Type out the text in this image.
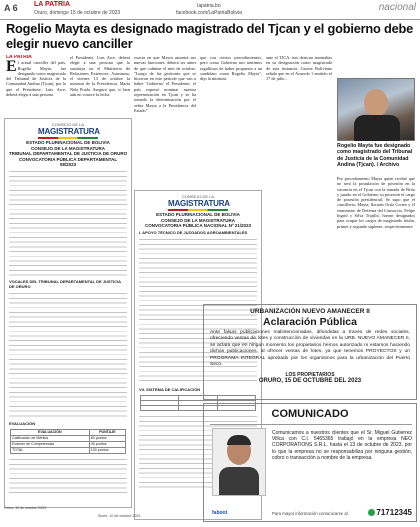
A 6 LA PATRIA
Oruro, domingo 15 de octubre de 2023
lapatria.bo
facebook.com/LaPatriaBolivia	nacional
Rogelio Mayta es designado magistrado del Tjcan y el gobierno debe elegir nuevo canciller
LA PATRIA
E l actual canciller del país, Rogelio Mayta, fue designado como magistrado del Tribunal de Justicia de la Comunidad Andina (Tjcan), por lo que el Presidente, Luis Arce, deberá elegir a una persona
el Presidente, Luis Arce, deberá elegir a una persona que lo sustituya en el Ministerio de Relaciones Exteriores. Asimismo, el viernes 13 de octubre la ministra de la Presidencia, María Nela Prada. Aseguró que, si bien aún no conoce la fecha
exacta en que Mayta asumirá sus nuevas funciones, deberá ser antes de que culmine el mes de octubre. "Luego de las gestiones que se hicieron en este período que van a haber 'Gobierno' el Presidente, el país expresó nominar nuestra representación en Tjcan y se ha tomado la determinación por el señor Mayta a la Presidencia del Estado"
que con ciertos procedimientos, pero como Gobierno nos sentimos orgullosos de haber propuesto a un candidato como Rogelio Mayta", dijo la ministra.
ante el TJCA, tras detectar anomalías en su designación como magistrado de esta instancia. Gaceta Boliviano señala que en el Acuerdo 1 emitido el 17 de julio...
Por procedimiento Mayta quien recibió que no será la postulación de posesión en la vacancia en el Tjcan con la tomada de Brito y jurado en el Gobierno su posesión el cargo de posesión presidencial. Se supo que el cancilleria, Mayta, llorarás Ortiz Cortez y el exministro de Defensa del Consorcio, Felipe Ingrid y Silva Trujillo, fueron designados para ocupar los cargos de magistrado titular, primer y segundo suplente, respectivamente.
Rogelio Mayta fue designado como magistrado del Tribunal de Justicia de la Comunidad Andina (Tjcan). / Archivo
CONSEJO DE LA
MAGISTRATURA
ESTADO PLURINACIONAL DE BOLIVIA
CONSEJO DE LA MAGISTRATURA
TRIBUNAL DEPARTAMENTAL DE JUSTICIA DE ORURO
CONVOCATORIA PÚBLICA DEPARTAMENTAL
08/2023
VOCALES DEL TRIBUNAL DEPARTAMENTAL DE JUSTICIA DE ORURO
EVALUACIÓN
EVALUACIÓN	PUNTAJE
Calificación de Méritos	60 puntos
Examen de Competencias	40 puntos
TOTAL	100 puntos
Oruro, 10 de octubre 2023
CONSEJO DE LA
MAGISTRATURA
ESTADO PLURINACIONAL DE BOLIVIA
CONSEJO DE LA MAGISTRATURA
CONVOCATORIA PÚBLICA NACIONAL Nº 21/2023
I. APOYO TÉCNICO DE JUZGADOS AGROAMBIENTALES
VII. SISTEMA DE CALIFICACIÓN

Sucre, 10 de octubre 2023
URBANIZACIÓN NUEVO AMANECER II
Aclaración Pública
Ante falsas publicaciones malintencionadas, difundidas a través de redes sociales, ofreciendo ventas de lotes y construcción de viviendas en la URB. NUEVO AMANECER II, se aclara que en ningún momento los propietarios hemos autorizado ni estamos haciendo dichas publicaciones, al ofrecer ventas de lotes, ya que tenemos PROYECTOS y un PROGRAMA INTEGRAL aprobado por los organismos para la urbanización del Puerto Seco.
LOS PROPIETARIOS
ORURO, 15 DE OCTUBRE DEL 2023
COMUNICADO
Comunicamos a nuestros clientes que el Sr. Miguel Gutierrez Villca con C.I. 5465365 trabajó en la empresa NEO CORPORATIONS S.R.L. hasta el 13 de octubre de 2023, por lo que la empresa no se responsabiliza por ninguna gestión, cobro o transacción a nombre de la empresa.
Para mayor información comunicarse al	71712345
faboot
